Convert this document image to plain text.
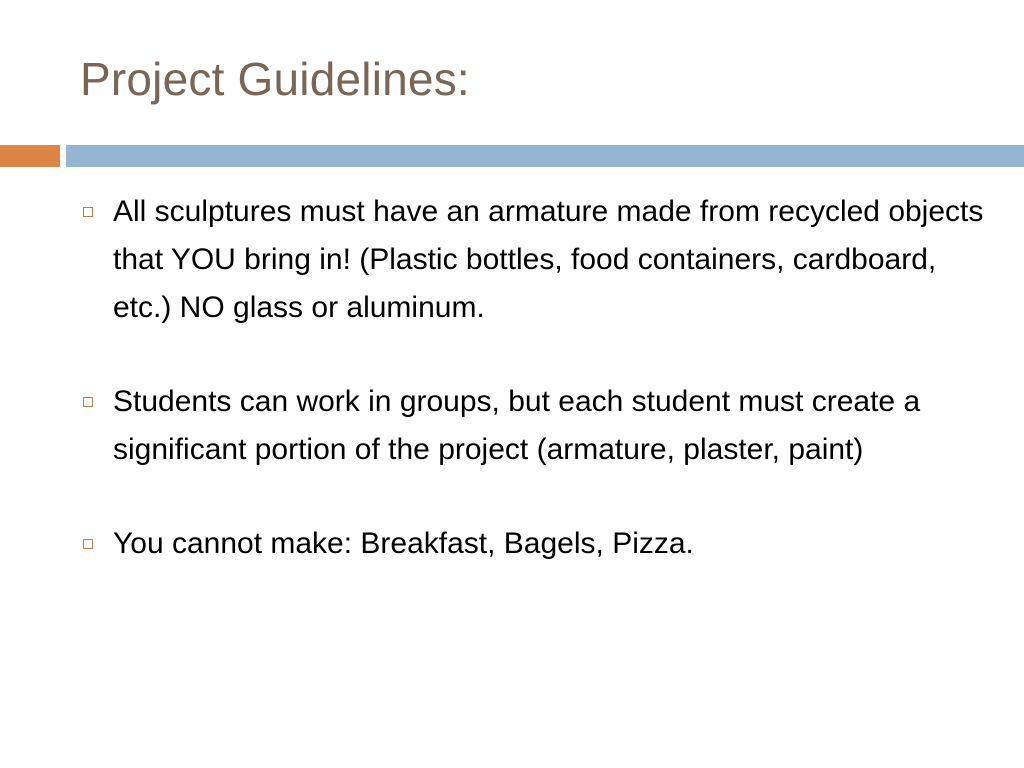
Project Guidelines:
All sculptures must have an armature made from recycled objects that YOU bring in! (Plastic bottles, food containers, cardboard, etc.) NO glass or aluminum.
Students can work in groups, but each student must create a significant portion of the project (armature, plaster, paint)
You cannot make: Breakfast, Bagels, Pizza.
